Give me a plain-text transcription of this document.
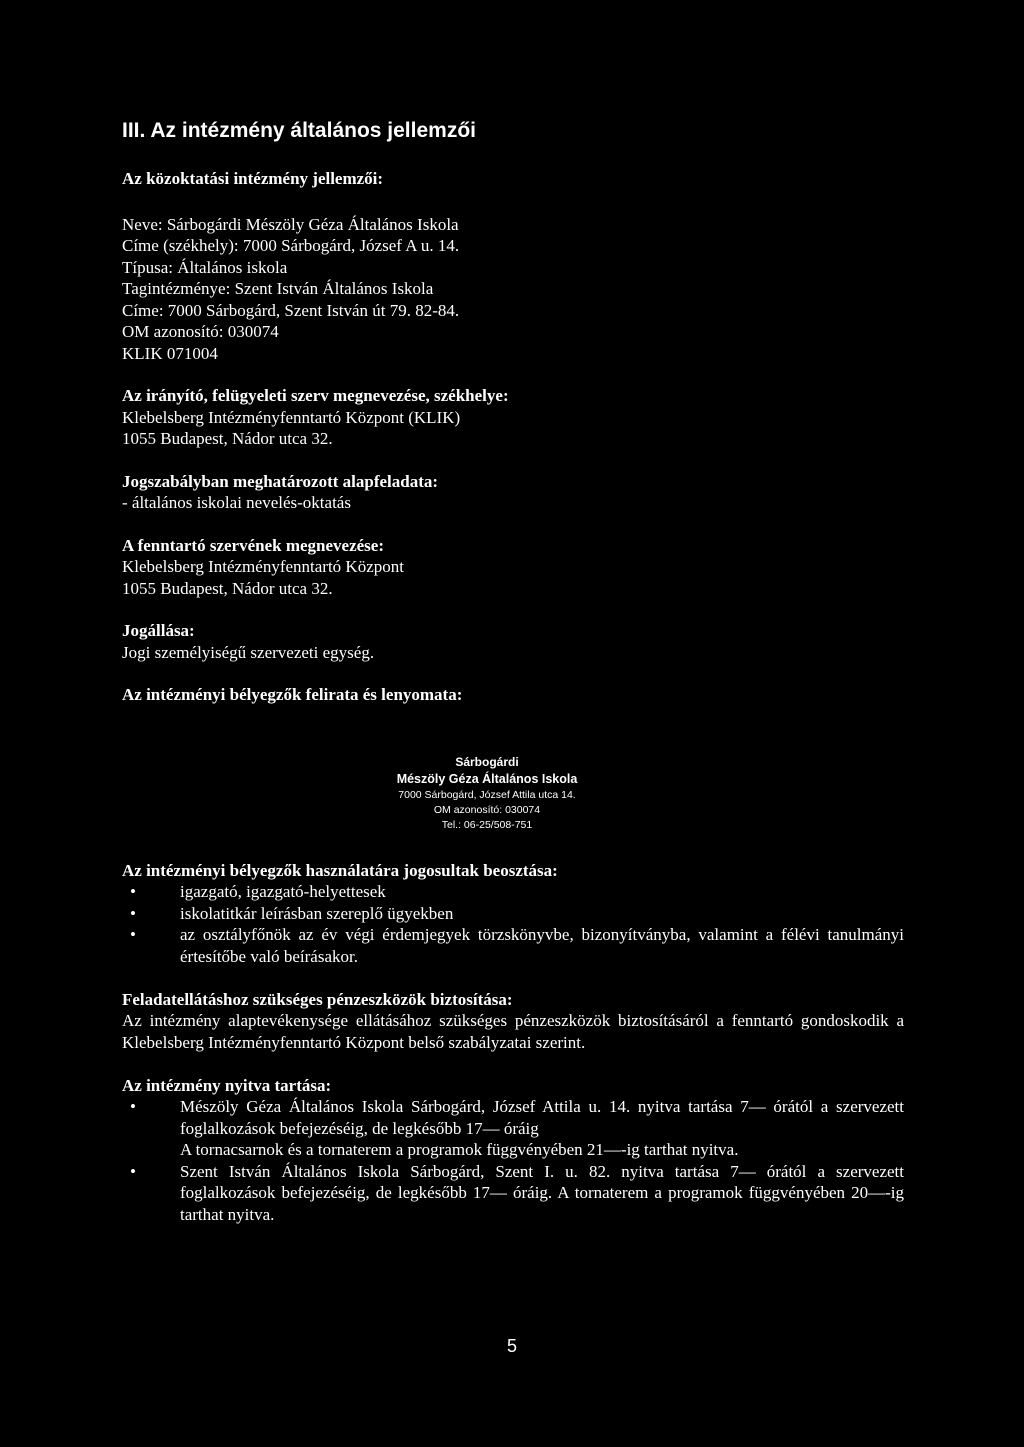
III. Az intézmény általános jellemzői

Az közoktatási intézmény jellemzői:

Neve: Sárbogárdi Mészöly Géza Általános Iskola

Címe (székhely): 7000 Sárbogárd, József A u. 14.

Típusa: Általános iskola

Tagintézménye: Szent István Általános Iskola

Címe: 7000 Sárbogárd, Szent István út 79. 82-84.

OM azonosító: 030074

KLIK 071004

Az irányító, felügyeleti szerv megnevezése, székhelye:

Klebelsberg Intézményfenntartó Központ (KLIK)

1055 Budapest, Nádor utca 32.

Jogszabályban meghatározott alapfeladata:

- általános iskolai nevelés-oktatás

A fenntartó szervének megnevezése:

Klebelsberg Intézményfenntartó Központ

1055 Budapest, Nádor utca 32.

Jogállása:

Jogi személyiségű szervezeti egység.

Az intézményi bélyegzők felirata és lenyomata:

Sárbogárdi
Mészöly Géza Általános Iskola
7000 Sárbogárd, József Attila utca 14.
OM azonosító: 030074
Tel.: 06-25/508-751

Az intézményi bélyegzők használatára jogosultak beosztása:

•	igazgató, igazgató-helyettesek
•	iskolatitkár leírásban szereplő ügyekben
•	az osztályfőnök az év végi érdemjegyek törzskönyvbe, bizonyítványba, valamint a félévi tanulmányi értesítőbe való beírásakor.

Feladatellátáshoz szükséges pénzeszközök biztosítása:

Az intézmény alaptevékenysége ellátásához szükséges pénzeszközök biztosításáról a fenntartó gondoskodik a Klebelsberg Intézményfenntartó Központ belső szabályzatai szerint.

Az intézmény nyitva tartása:

•	Mészöly Géza Általános Iskola Sárbogárd, József Attila u. 14. nyitva tartása 7— órától a szervezett foglalkozások befejezéséig, de legkésőbb 17— óráig
A tornacsarnok és a tornaterem a programok függvényében 21—-ig tarthat nyitva.
•	Szent István Általános Iskola Sárbogárd, Szent I. u. 82. nyitva tartása 7— órától a szervezett foglalkozások befejezéséig, de legkésőbb 17— óráig. A tornaterem a programok függvényében 20—-ig tarthat nyitva.
5
